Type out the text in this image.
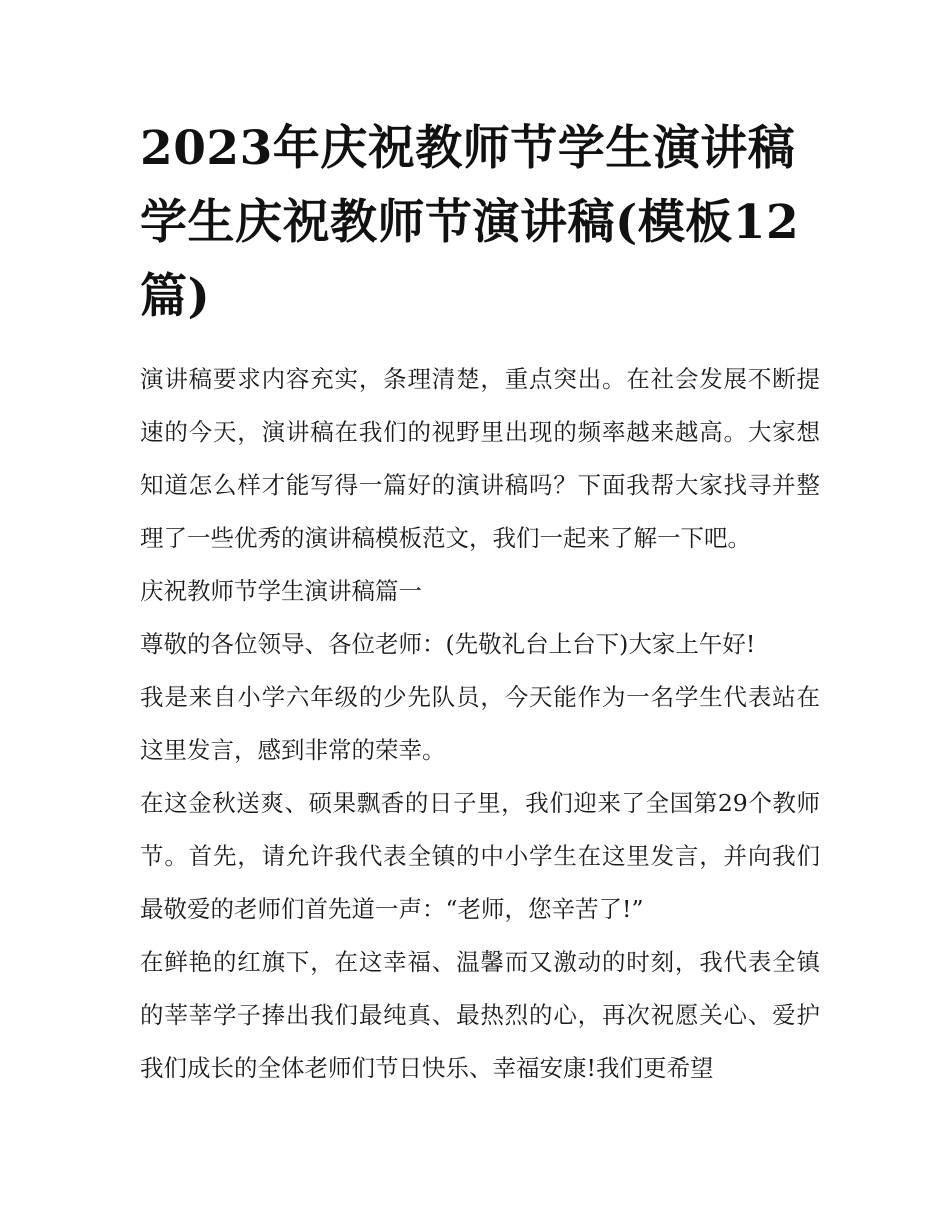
2023年庆祝教师节学生演讲稿 学生庆祝教师节演讲稿(模板12篇)

演讲稿要求内容充实，条理清楚，重点突出。在社会发展不断提速的今天，演讲稿在我们的视野里出现的频率越来越高。大家想知道怎么样才能写得一篇好的演讲稿吗？下面我帮大家找寻并整理了一些优秀的演讲稿模板范文，我们一起来了解一下吧。

庆祝教师节学生演讲稿篇一

尊敬的各位领导、各位老师：(先敬礼台上台下)大家上午好!

我是来自小学六年级的少先队员，今天能作为一名学生代表站在这里发言，感到非常的荣幸。

在这金秋送爽、硕果飘香的日子里，我们迎来了全国第29个教师节。首先，请允许我代表全镇的中小学生在这里发言，并向我们最敬爱的老师们首先道一声：“老师，您辛苦了!”

在鲜艳的红旗下，在这幸福、温馨而又激动的时刻，我代表全镇的莘莘学子捧出我们最纯真、最热烈的心，再次祝愿关心、爱护我们成长的全体老师们节日快乐、幸福安康!我们更希望
